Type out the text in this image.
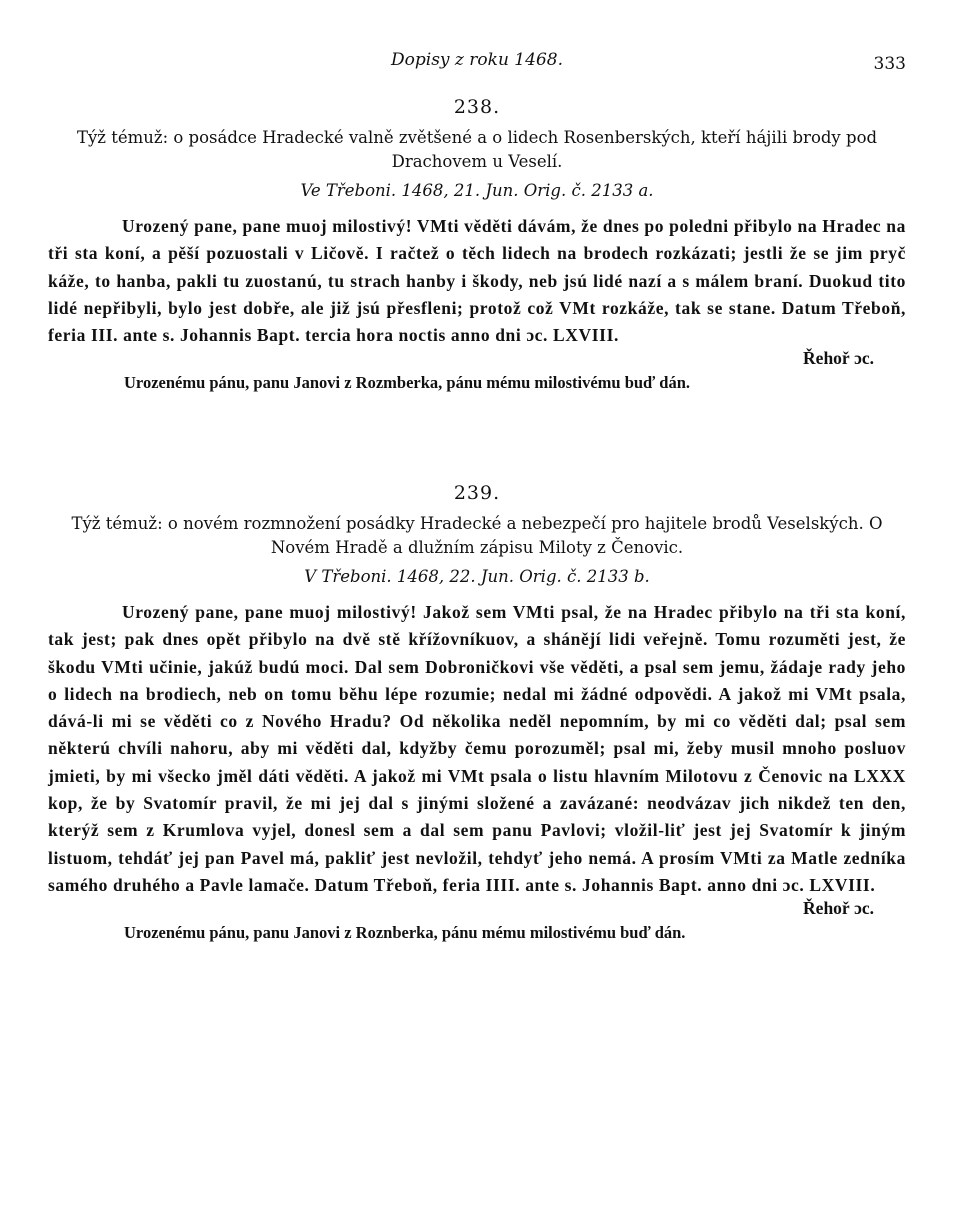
Dopisy z roku 1468.	333
238.
Týž témuž: o posádce Hradecké valně zvětšené a o lidech Rosenberských, kteří hájili brody pod Drachovem u Veselí.
Ve Třeboni. 1468, 21. Jun. Orig. č. 2133 a.

Urozený pane, pane muoj milostivý! VMti věděti dávám, že dnes po poledni přibylo na Hradec na tři sta koní, a pěší pozuostali v Ličově. I račtež o těch lidech na brodech rozkázati; jestli že se jim pryč káže, to hanba, pakli tu zuostanú, tu strach hanby i škody, neb jsú lidé nazí a s málem braní. Duokud tito lidé nepřibyli, bylo jest dobře, ale již jsú přesfleni; protož což VMt rozkáže, tak se stane. Datum Třeboň, feria III. ante s. Johannis Bapt. tercia hora noctis anno dni ɔc. LXVIII.

Řehoř ɔc.
Urozenému pánu, panu Janovi z Rozmberka, pánu mému milostivému buď dán.
239.
Týž témuž: o novém rozmnožení posádky Hradecké a nebezpečí pro hajitele brodů Veselských. O Novém Hradě a dlužním zápisu Miloty z Čenovic.
V Třeboni. 1468, 22. Jun. Orig. č. 2133 b.

Urozený pane, pane muoj milostivý! Jakož sem VMti psal, že na Hradec přibylo na tři sta koní, tak jest; pak dnes opět přibylo na dvě stě křížovníkuov, a shánějí lidi veřejně. Tomu rozuměti jest, že škodu VMti učinie, jakúž budú moci. Dal sem Dobroničkovi vše věděti, a psal sem jemu, žádaje rady jeho o lidech na brodiech, neb on tomu běhu lépe rozumie; nedal mi žádné odpovědi. A jakož mi VMt psala, dává-li mi se věděti co z Nového Hradu? Od několika neděl nepomním, by mi co věděti dal; psal sem některú chvíli nahoru, aby mi věděti dal, kdyžby čemu porozuměl; psal mi, žeby musil mnoho posluov jmieti, by mi všecko jměl dáti věděti. A jakož mi VMt psala o listu hlavním Milotovu z Čenovic na LXXX kop, že by Svatomír pravil, že mi jej dal s jinými složené a zavázané: neodvázav jich nikdež ten den, kterýž sem z Krumlova vyjel, donesl sem a dal sem panu Pavlovi; vložil-liť jest jej Svatomír k jiným listuom, tehdáť jej pan Pavel má, pakliť jest nevložil, tehdyť jeho nemá. A prosím VMti za Matle zedníka samého druhého a Pavle lamače. Datum Třeboň, feria IIII. ante s. Johannis Bapt. anno dni ɔc. LXVIII.

Řehoř ɔc.
Urozenému pánu, panu Janovi z Roznberka, pánu mému milostivému buď dán.
